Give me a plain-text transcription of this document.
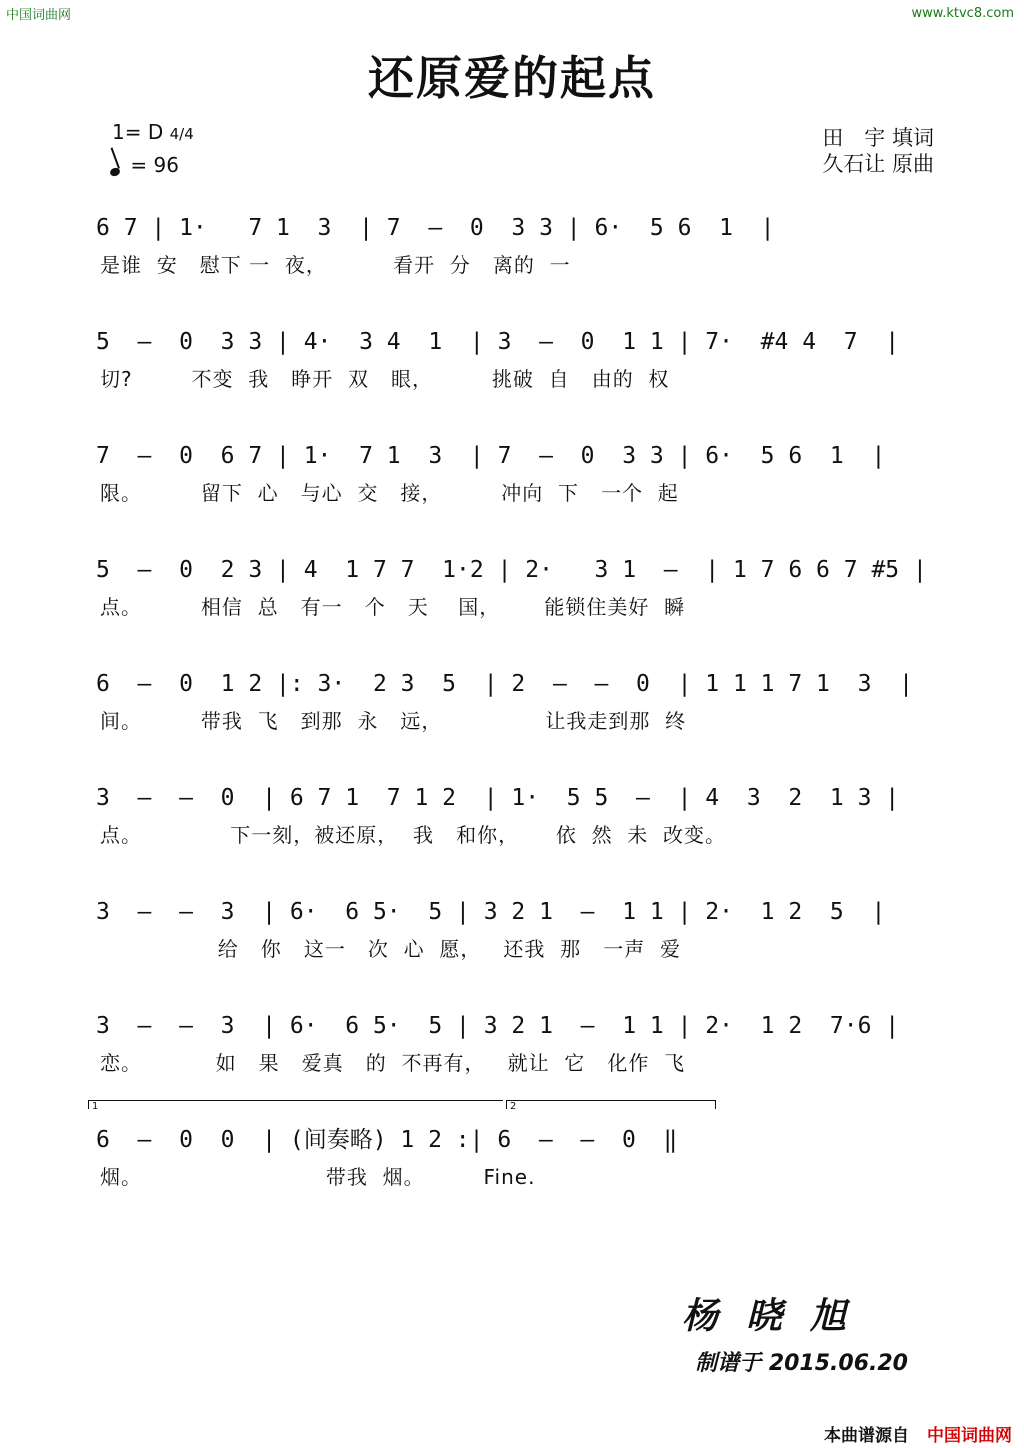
中国词曲网	www.ktvc8.com
还原爱的起点
1= D 4/4
= 96
田　宇 填词
久石让 原曲
6 7 | 1·   7 1  3  | 7  —  0  3 3 | 6·  5 6  1  |
是谁  安   慰下 一  夜，         看开  分   离的  一
5  —  0  3 3 | 4·  3 4  1  | 3  —  0  1 1 | 7·  #4 4  7  |
切?        不变  我   睁开  双   眼，        挑破  自   由的  权
7  —  0  6 7 | 1·  7 1  3  | 7  —  0  3 3 | 6·  5 6  1  |
限。        留下  心   与心  交   接，        冲向  下   一个  起
5  —  0  2 3 | 4  1 7 7  1·2 | 2·   3 1  —  | 1 7 6 6 7 #5 |
点。        相信  总   有一   个   天    国，      能锁住美好  瞬
6  —  0  1 2 |: 3·  2 3  5  | 2  —  —  0  | 1 1 1 7 1  3  |
间。        带我  飞   到那  永   远，              让我走到那  终
3  —  —  0  | 6 7 1  7 1 2  | 1·  5 5  —  | 4  3  2  1 3 |
点。            下一刻，被还原，  我   和你，     依  然  未  改变。
3  —  —  3  | 6·  6 5·  5 | 3 2 1  —  1 1 | 2·  1 2  5  |
给   你   这一   次  心  愿，   还我  那   一声  爱
3  —  —  3  | 6·  6 5·  5 | 3 2 1  —  1 1 | 2·  1 2  7·6 |
恋。          如   果   爱真   的  不再有，   就让  它   化作  飞
1	2
6  —  0  0  | (间奏略) 1 2 :| 6  —  —  0  ‖
烟。                         带我  烟。        Fine.
杨晓旭
制谱于 2015.06.20
本曲谱源自 中国词曲网
